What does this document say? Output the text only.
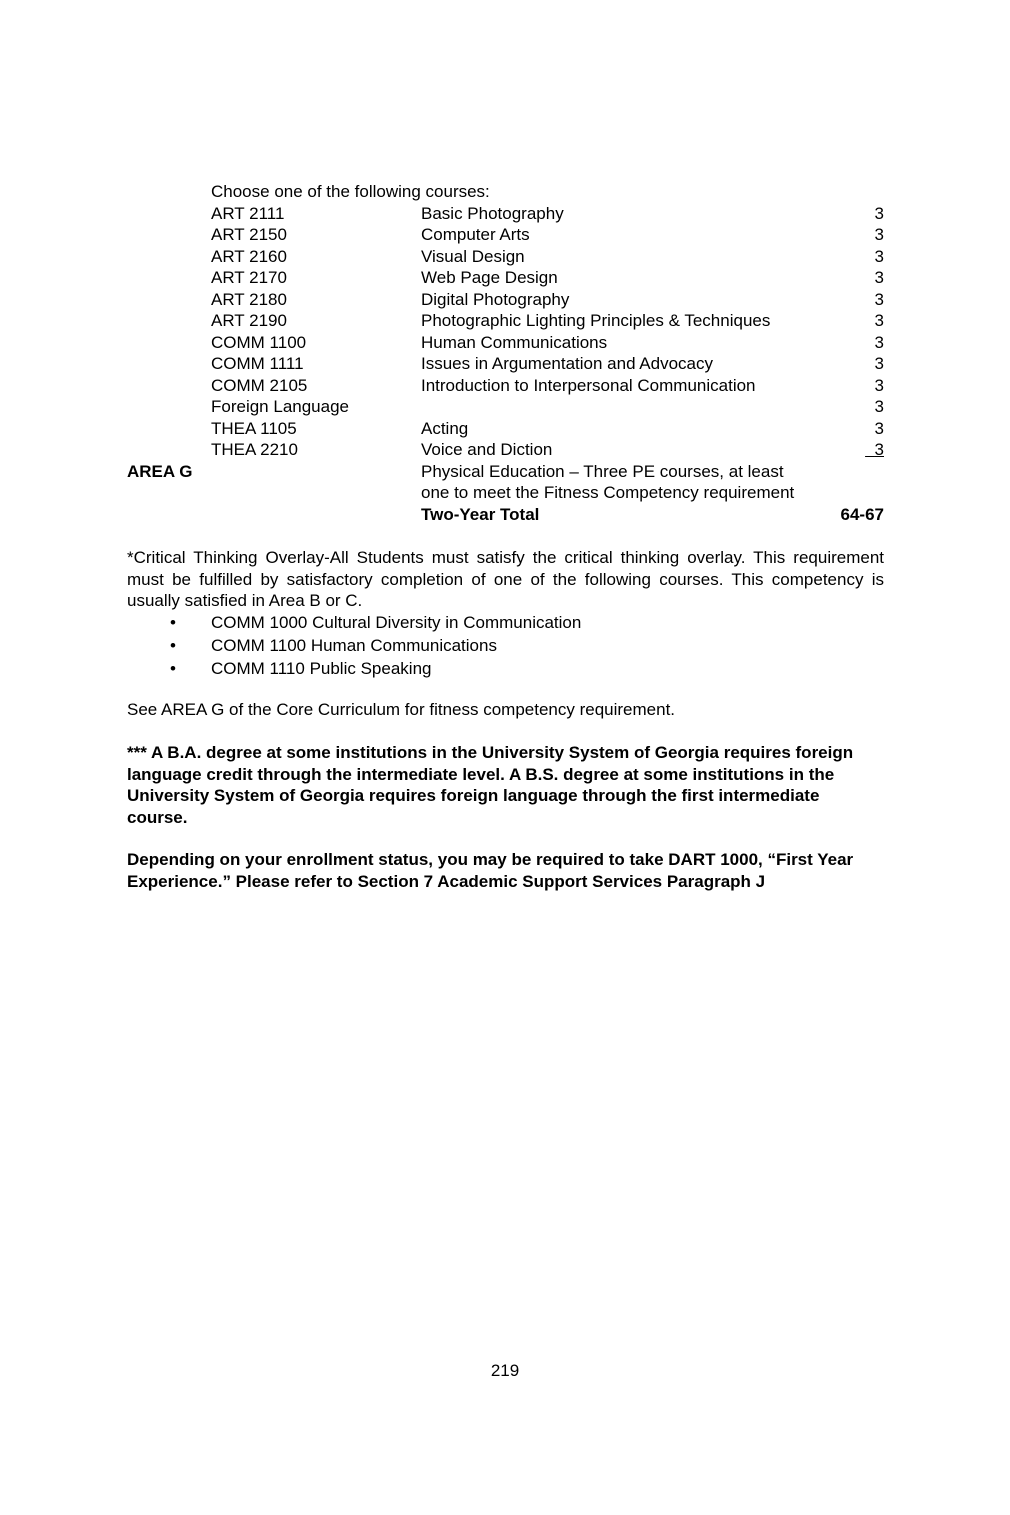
Choose one of the following courses:
ART 2111	Basic Photography	3
ART 2150	Computer Arts	3
ART 2160	Visual Design	3
ART 2170	Web Page Design	3
ART 2180	Digital Photography	3
ART 2190	Photographic Lighting Principles & Techniques	3
COMM 1100	Human Communications	3
COMM 1111	Issues in Argumentation and Advocacy	3
COMM 2105	Introduction to Interpersonal Communication	3
Foreign Language	3
THEA 1105	Acting	3
THEA 2210	Voice and Diction	3
AREA G	Physical Education – Three PE courses, at least
one to meet the Fitness Competency requirement
Two-Year Total	64-67
*Critical Thinking Overlay-All Students must satisfy the critical thinking overlay. This requirement must be fulfilled by satisfactory completion of one of the following courses. This competency is usually satisfied in Area B or C.
• COMM 1000 Cultural Diversity in Communication
• COMM 1100 Human Communications
• COMM 1110 Public Speaking
See AREA G of the Core Curriculum for fitness competency requirement.
*** A B.A. degree at some institutions in the University System of Georgia requires foreign language credit through the intermediate level. A B.S. degree at some institutions in the University System of Georgia requires foreign language through the first intermediate course.
Depending on your enrollment status, you may be required to take DART 1000, “First Year Experience.” Please refer to Section 7 Academic Support Services Paragraph J
219
